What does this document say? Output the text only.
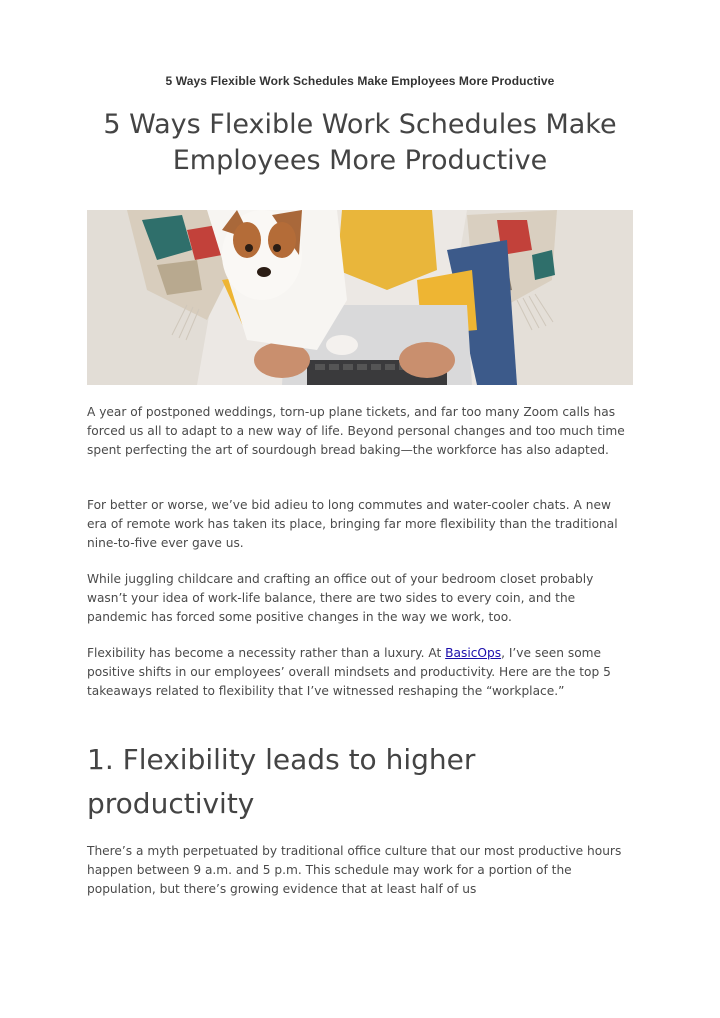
5 Ways Flexible Work Schedules Make Employees More Productive
5 Ways Flexible Work Schedules Make
Employees More Productive

A year of postponed weddings, torn-up plane tickets, and far too many Zoom calls has forced us all to adapt to a new way of life. Beyond personal changes and too much time spent perfecting the art of sourdough bread baking—the workforce has also adapted.

For better or worse, we’ve bid adieu to long commutes and water-cooler chats. A new era of remote work has taken its place, bringing far more flexibility than the traditional nine-to-five ever gave us.

While juggling childcare and crafting an office out of your bedroom closet probably wasn’t your idea of work-life balance, there are two sides to every coin, and the pandemic has forced some positive changes in the way we work, too.

Flexibility has become a necessity rather than a luxury. At BasicOps, I’ve seen some positive shifts in our employees’ overall mindsets and productivity. Here are the top 5 takeaways related to flexibility that I’ve witnessed reshaping the “workplace.”

1. Flexibility leads to higher
productivity

There’s a myth perpetuated by traditional office culture that our most productive hours happen between 9 a.m. and 5 p.m. This schedule may work for a portion of the population, but there’s growing evidence that at least half of us
